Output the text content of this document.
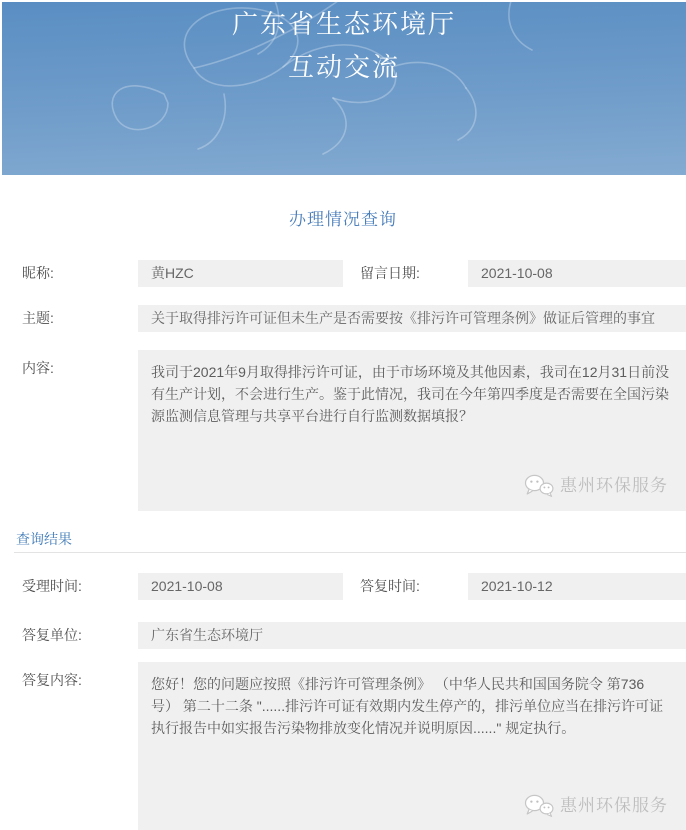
广东省生态环境厅
互动交流
办理情况查询
昵称:	黄HZC	留言日期:	2021-10-08
主题:	关于取得排污许可证但未生产是否需要按《排污许可管理条例》做证后管理的事宜
内容:	我司于2021年9月取得排污许可证，由于市场环境及其他因素，我司在12月31日前没有生产计划，不会进行生产。鉴于此情况，我司在今年第四季度是否需要在全国污染源监测信息管理与共享平台进行自行监测数据填报？
惠州环保服务
查询结果
受理时间:	2021-10-08	答复时间:	2021-10-12
答复单位:	广东省生态环境厅
答复内容:	您好！您的问题应按照《排污许可管理条例》 （中华人民共和国国务院令 第736号） 第二十二条 "......排污许可证有效期内发生停产的，排污单位应当在排污许可证执行报告中如实报告污染物排放变化情况并说明原因......" 规定执行。
惠州环保服务
